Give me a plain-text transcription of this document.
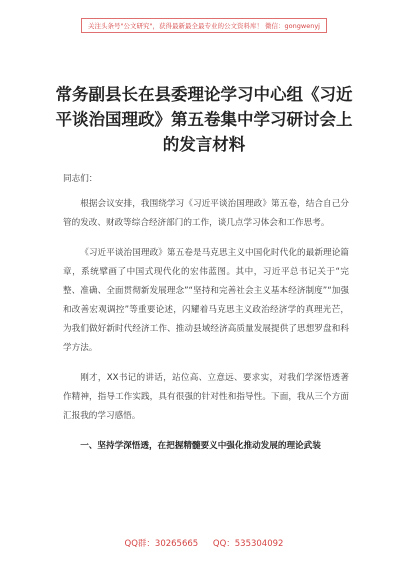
关注头条号"公文研究"，获得最新最全最专业的公文资料库！ 微信：gongwenyj
常务副县长在县委理论学习中心组《习近平谈治国理政》第五卷集中学习研讨会上的发言材料

同志们：

根据会议安排，我围绕学习《习近平谈治国理政》第五卷，结合自己分管的发改、财政等综合经济部门的工作，谈几点学习体会和工作思考。

《习近平谈治国理政》第五卷是马克思主义中国化时代化的最新理论篇章，系统擘画了中国式现代化的宏伟蓝图。其中，习近平总书记关于“完整、准确、全面贯彻新发展理念”“坚持和完善社会主义基本经济制度”“加强和改善宏观调控”等重要论述，闪耀着马克思主义政治经济学的真理光芒，为我们做好新时代经济工作、推动县域经济高质量发展提供了思想罗盘和科学方法。

刚才，XX书记的讲话，站位高、立意远、要求实，对我们学深悟透著作精神，指导工作实践，具有很强的针对性和指导性。下面，我从三个方面汇报我的学习感悟。

一、坚持学深悟透，在把握精髓要义中强化推动发展的理论武装

QQ群：30265665 QQ：535304092
